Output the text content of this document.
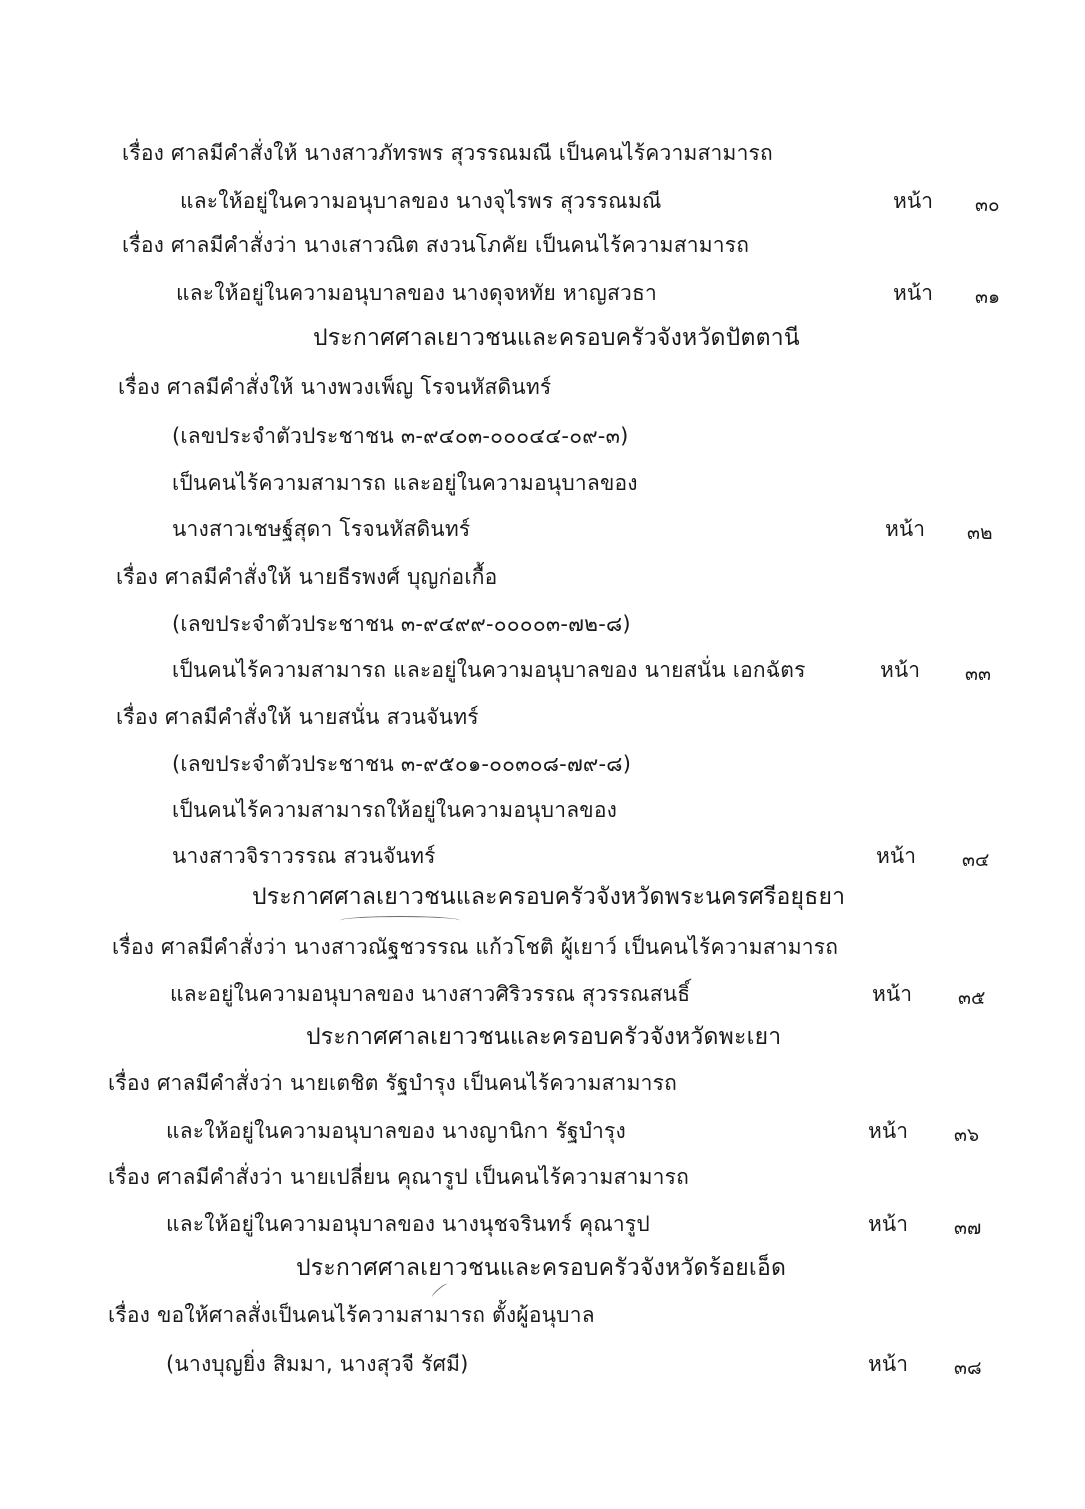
เรื่อง ศาลมีคำสั่งให้ นางสาวภัทรพร สุวรรณมณี เป็นคนไร้ความสามารถ
และให้อยู่ในความอนุบาลของ นางจุไรพร สุวรรณมณี	หน้า ๓๐
เรื่อง ศาลมีคำสั่งว่า นางเสาวณิต สงวนโภคัย เป็นคนไร้ความสามารถ
และให้อยู่ในความอนุบาลของ นางดุจหทัย หาญสวธา	หน้า ๓๑
ประกาศศาลเยาวชนและครอบครัวจังหวัดปัตตานี
เรื่อง ศาลมีคำสั่งให้ นางพวงเพ็ญ โรจนหัสดินทร์
(เลขประจำตัวประชาชน ๓-๙๔๐๓-๐๐๐๔๔-๐๙-๓)
เป็นคนไร้ความสามารถ และอยู่ในความอนุบาลของ
นางสาวเชษฐ์สุดา โรจนหัสดินทร์	หน้า ๓๒
เรื่อง ศาลมีคำสั่งให้ นายธีรพงศ์ บุญก่อเกื้อ
(เลขประจำตัวประชาชน ๓-๙๔๙๙-๐๐๐๐๓-๗๒-๘)
เป็นคนไร้ความสามารถ และอยู่ในความอนุบาลของ นายสนั่น เอกฉัตร	หน้า ๓๓
เรื่อง ศาลมีคำสั่งให้ นายสนั่น สวนจันทร์
(เลขประจำตัวประชาชน ๓-๙๕๐๑-๐๐๓๐๘-๗๙-๘)
เป็นคนไร้ความสามารถให้อยู่ในความอนุบาลของ
นางสาวจิราวรรณ สวนจันทร์	หน้า ๓๔
ประกาศศาลเยาวชนและครอบครัวจังหวัดพระนครศรีอยุธยา
เรื่อง ศาลมีคำสั่งว่า นางสาวณัฐชวรรณ แก้วโชติ ผู้เยาว์ เป็นคนไร้ความสามารถ
และอยู่ในความอนุบาลของ นางสาวศิริวรรณ สุวรรณสนธิ์	หน้า ๓๕
ประกาศศาลเยาวชนและครอบครัวจังหวัดพะเยา
เรื่อง ศาลมีคำสั่งว่า นายเตชิต รัฐบำรุง เป็นคนไร้ความสามารถ
และให้อยู่ในความอนุบาลของ นางญานิกา รัฐบำรุง	หน้า ๓๖
เรื่อง ศาลมีคำสั่งว่า นายเปลี่ยน คุณารูป เป็นคนไร้ความสามารถ
และให้อยู่ในความอนุบาลของ นางนุชจรินทร์ คุณารูป	หน้า ๓๗
ประกาศศาลเยาวชนและครอบครัวจังหวัดร้อยเอ็ด
เรื่อง ขอให้ศาลสั่งเป็นคนไร้ความสามารถ ตั้งผู้อนุบาล
(นางบุญยิ่ง สิมมา, นางสุวจี รัศมี)	หน้า ๓๘
